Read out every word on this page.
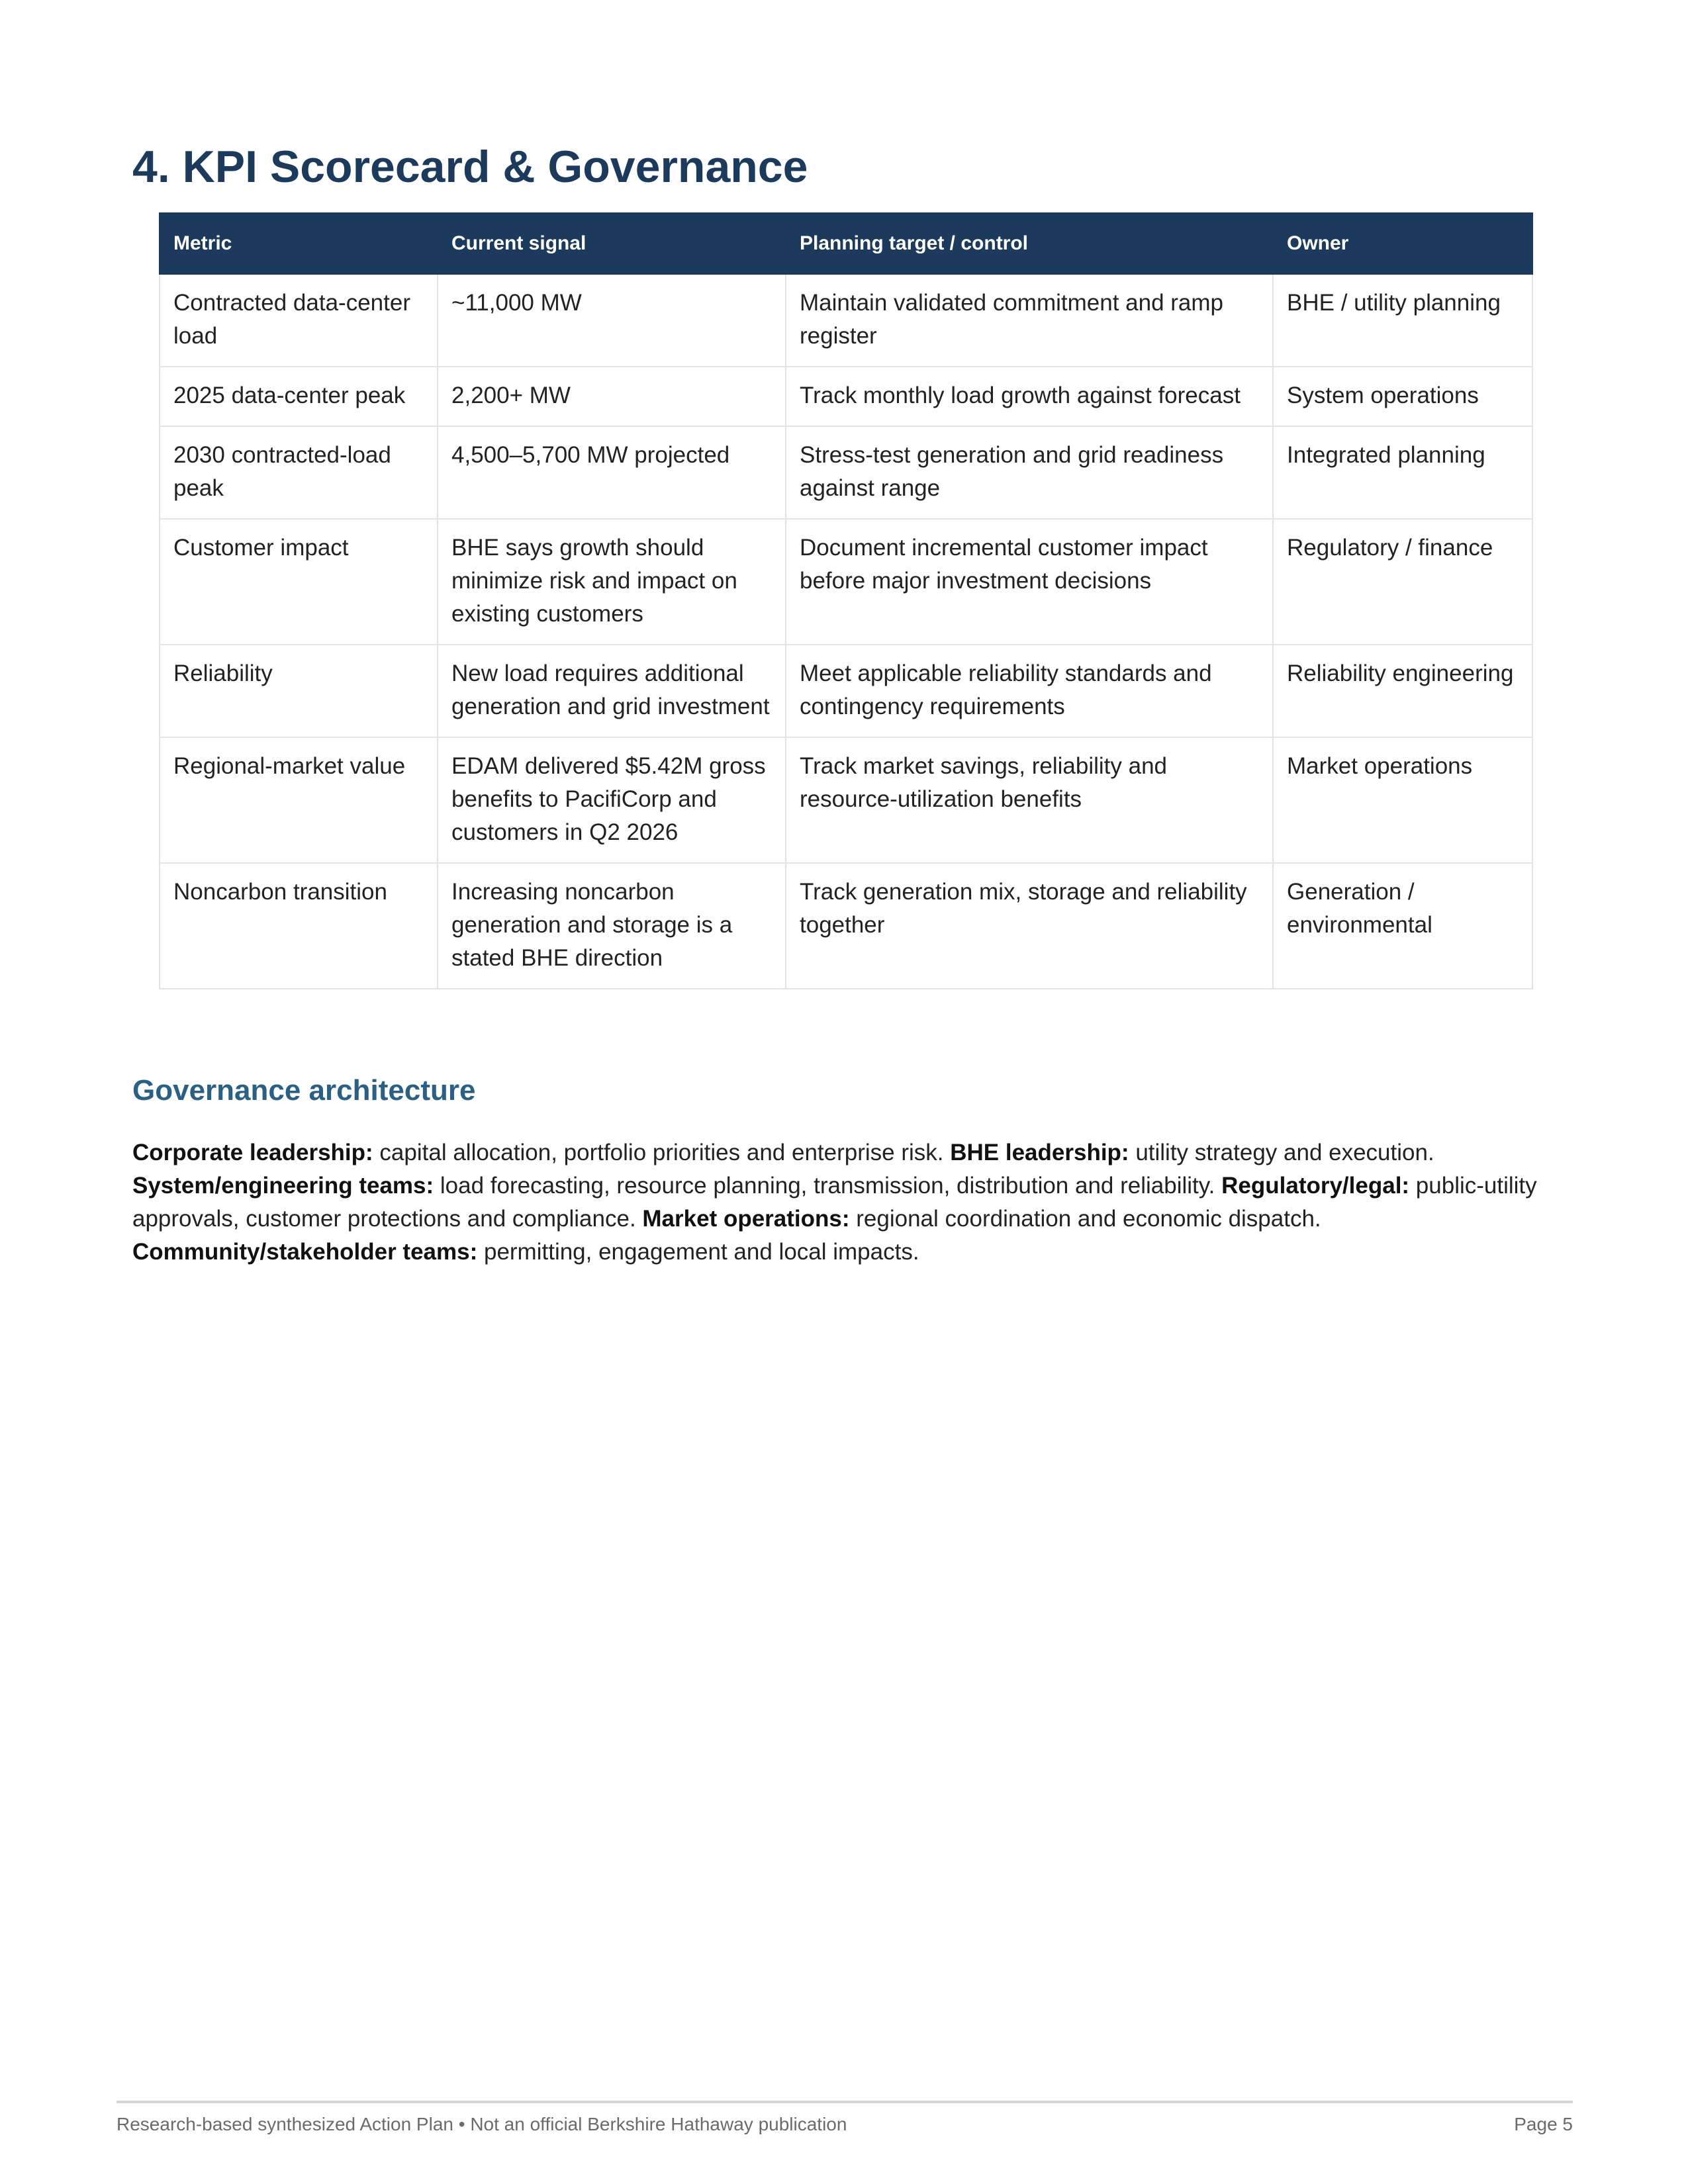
4. KPI Scorecard & Governance
Metric	Current signal	Planning target / control	Owner
Contracted data-center load	~11,000 MW	Maintain validated commitment and ramp register	BHE / utility planning
2025 data-center peak	2,200+ MW	Track monthly load growth against forecast	System operations
2030 contracted-load peak	4,500–5,700 MW projected	Stress-test generation and grid readiness against range	Integrated planning
Customer impact	BHE says growth should minimize risk and impact on existing customers	Document incremental customer impact before major investment decisions	Regulatory / finance
Reliability	New load requires additional generation and grid investment	Meet applicable reliability standards and contingency requirements	Reliability engineering
Regional-market value	EDAM delivered $5.42M gross benefits to PacifiCorp and customers in Q2 2026	Track market savings, reliability and resource-utilization benefits	Market operations
Noncarbon transition	Increasing noncarbon generation and storage is a stated BHE direction	Track generation mix, storage and reliability together	Generation / environmental
Governance architecture

Corporate leadership: capital allocation, portfolio priorities and enterprise risk. BHE leadership: utility strategy and execution. System/engineering teams: load forecasting, resource planning, transmission, distribution and reliability. Regulatory/legal: public-utility approvals, customer protections and compliance. Market operations: regional coordination and economic dispatch. Community/stakeholder teams: permitting, engagement and local impacts.

Research-based synthesized Action Plan • Not an official Berkshire Hathaway publication	Page 5
